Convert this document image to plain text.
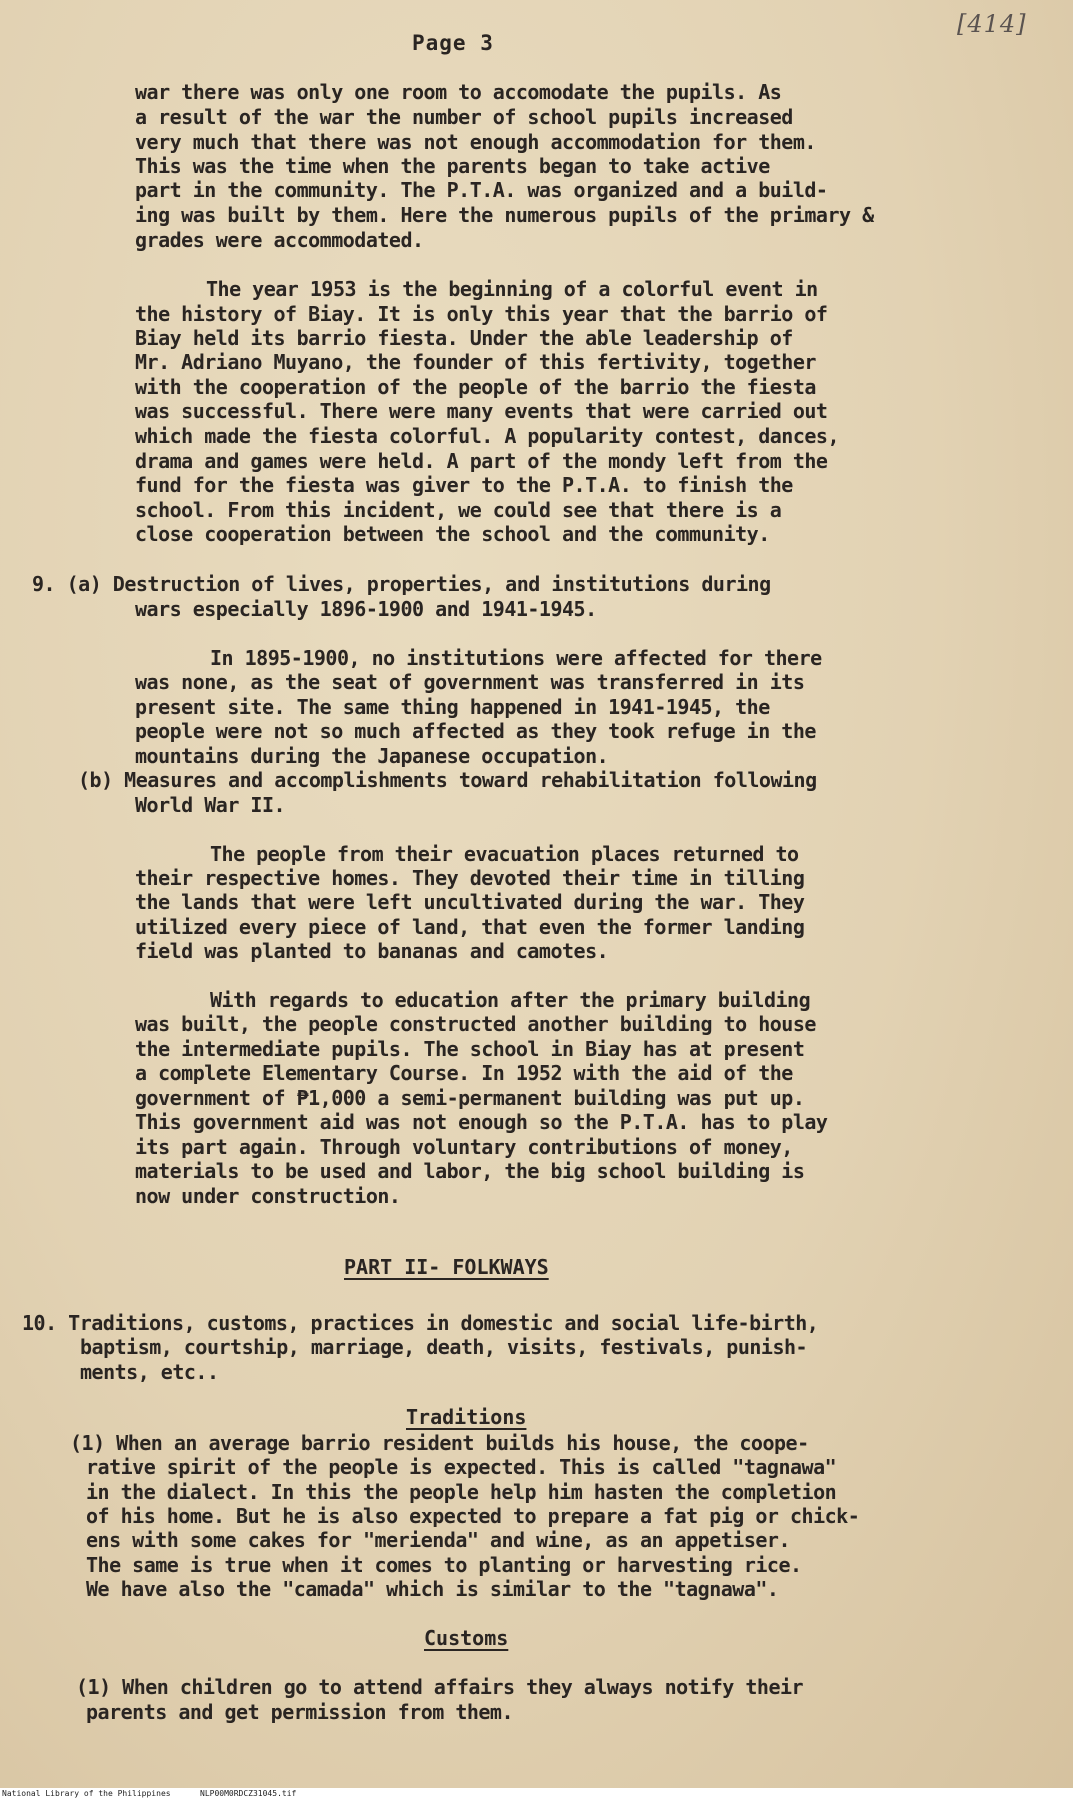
Page 3
[414]
war there was only one room to accomodate the pupils. As
a result of the war the number of school pupils increased
very much that there was not enough accommodation for them.
This was the time when the parents began to take active
part in the community. The P.T.A. was organized and a build-
ing was built by them. Here the numerous pupils of the primary &
grades were accommodated.
The year 1953 is the beginning of a colorful event in
the history of Biay. It is only this year that the barrio of
Biay held its barrio fiesta. Under the able leadership of
Mr. Adriano Muyano, the founder of this fertivity, together
with the cooperation of the people of the barrio the fiesta
was successful. There were many events that were carried out
which made the fiesta colorful. A popularity contest, dances,
drama and games were held. A part of the mondy left from the
fund for the fiesta was giver to the P.T.A. to finish the
school. From this incident, we could see that there is a
close cooperation between the school and the community.
9. (a) Destruction of lives, properties, and institutions during
wars especially 1896-1900 and 1941-1945.
In 1895-1900, no institutions were affected for there
was none, as the seat of government was transferred in its
present site. The same thing happened in 1941-1945, the
people were not so much affected as they took refuge in the
mountains during the Japanese occupation.
(b) Measures and accomplishments toward rehabilitation following
World War II.
The people from their evacuation places returned to
their respective homes. They devoted their time in tilling
the lands that were left uncultivated during the war. They
utilized every piece of land, that even the former landing
field was planted to bananas and camotes.
With regards to education after the primary building
was built, the people constructed another building to house
the intermediate pupils. The school in Biay has at present
a complete Elementary Course. In 1952 with the aid of the
government of ₱1,000 a semi-permanent building was put up.
This government aid was not enough so the P.T.A. has to play
its part again. Through voluntary contributions of money,
materials to be used and labor, the big school building is
now under construction.
PART II- FOLKWAYS
10. Traditions, customs, practices in domestic and social life-birth,
baptism, courtship, marriage, death, visits, festivals, punish-
ments, etc..
Traditions
(1) When an average barrio resident builds his house, the coope-
rative spirit of the people is expected. This is called "tagnawa"
in the dialect. In this the people help him hasten the completion
of his home. But he is also expected to prepare a fat pig or chick-
ens with some cakes for "merienda" and wine, as an appetiser.
The same is true when it comes to planting or harvesting rice.
We have also the "camada" which is similar to the "tagnawa".
Customs
(1) When children go to attend affairs they always notify their
parents and get permission from them.
National Library of the Philippines	NLP00M0RDCZ31045.tif
